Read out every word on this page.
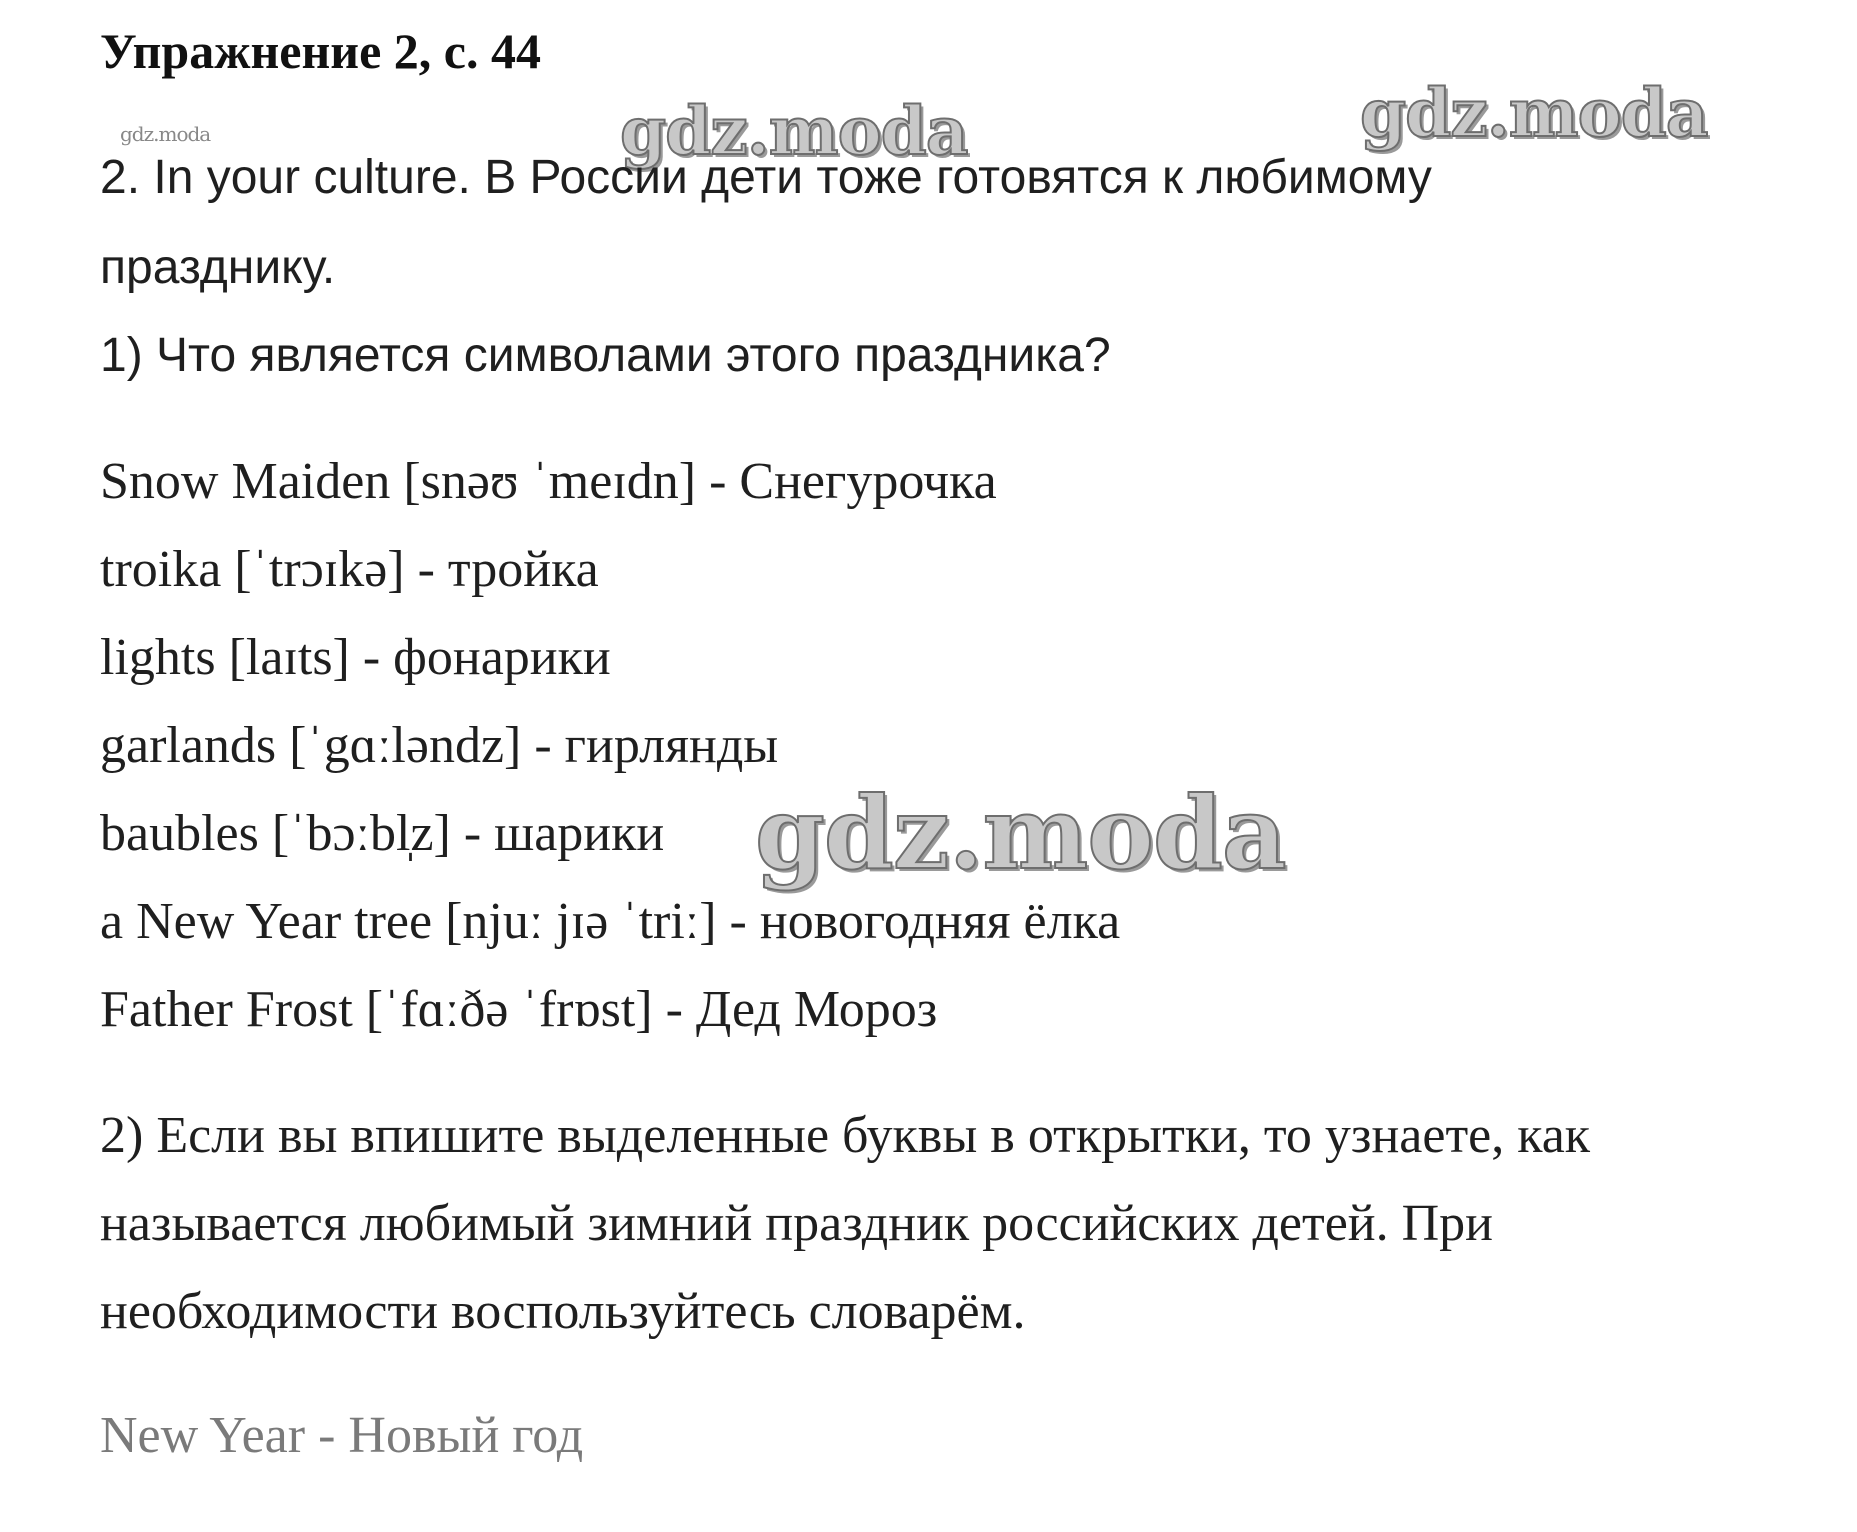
Упражнение 2, с. 44
gdz.moda	gdz.moda	gdz.moda
2. In your culture. В России дети тоже готовятся к любимому
празднику.
1) Что является символами этого праздника?
Snow Maiden [snəʊ ˈmeɪdn] - Снегурочка
troika [ˈtrɔɪkə] - тройка
lights [laɪts] - фонарики
garlands [ˈgɑːləndz] - гирлянды
baubles [ˈbɔːbl̩z] - шарики
a New Year tree [njuː jɪə ˈtriː] - новогодняя ёлка
Father Frost [ˈfɑːðə ˈfrɒst] - Дед Мороз
gdz.moda
2) Если вы впишите выделенные буквы в открытки, то узнаете, как
называется любимый зимний праздник российских детей. При
необходимости воспользуйтесь словарём.
New Year - Новый год
